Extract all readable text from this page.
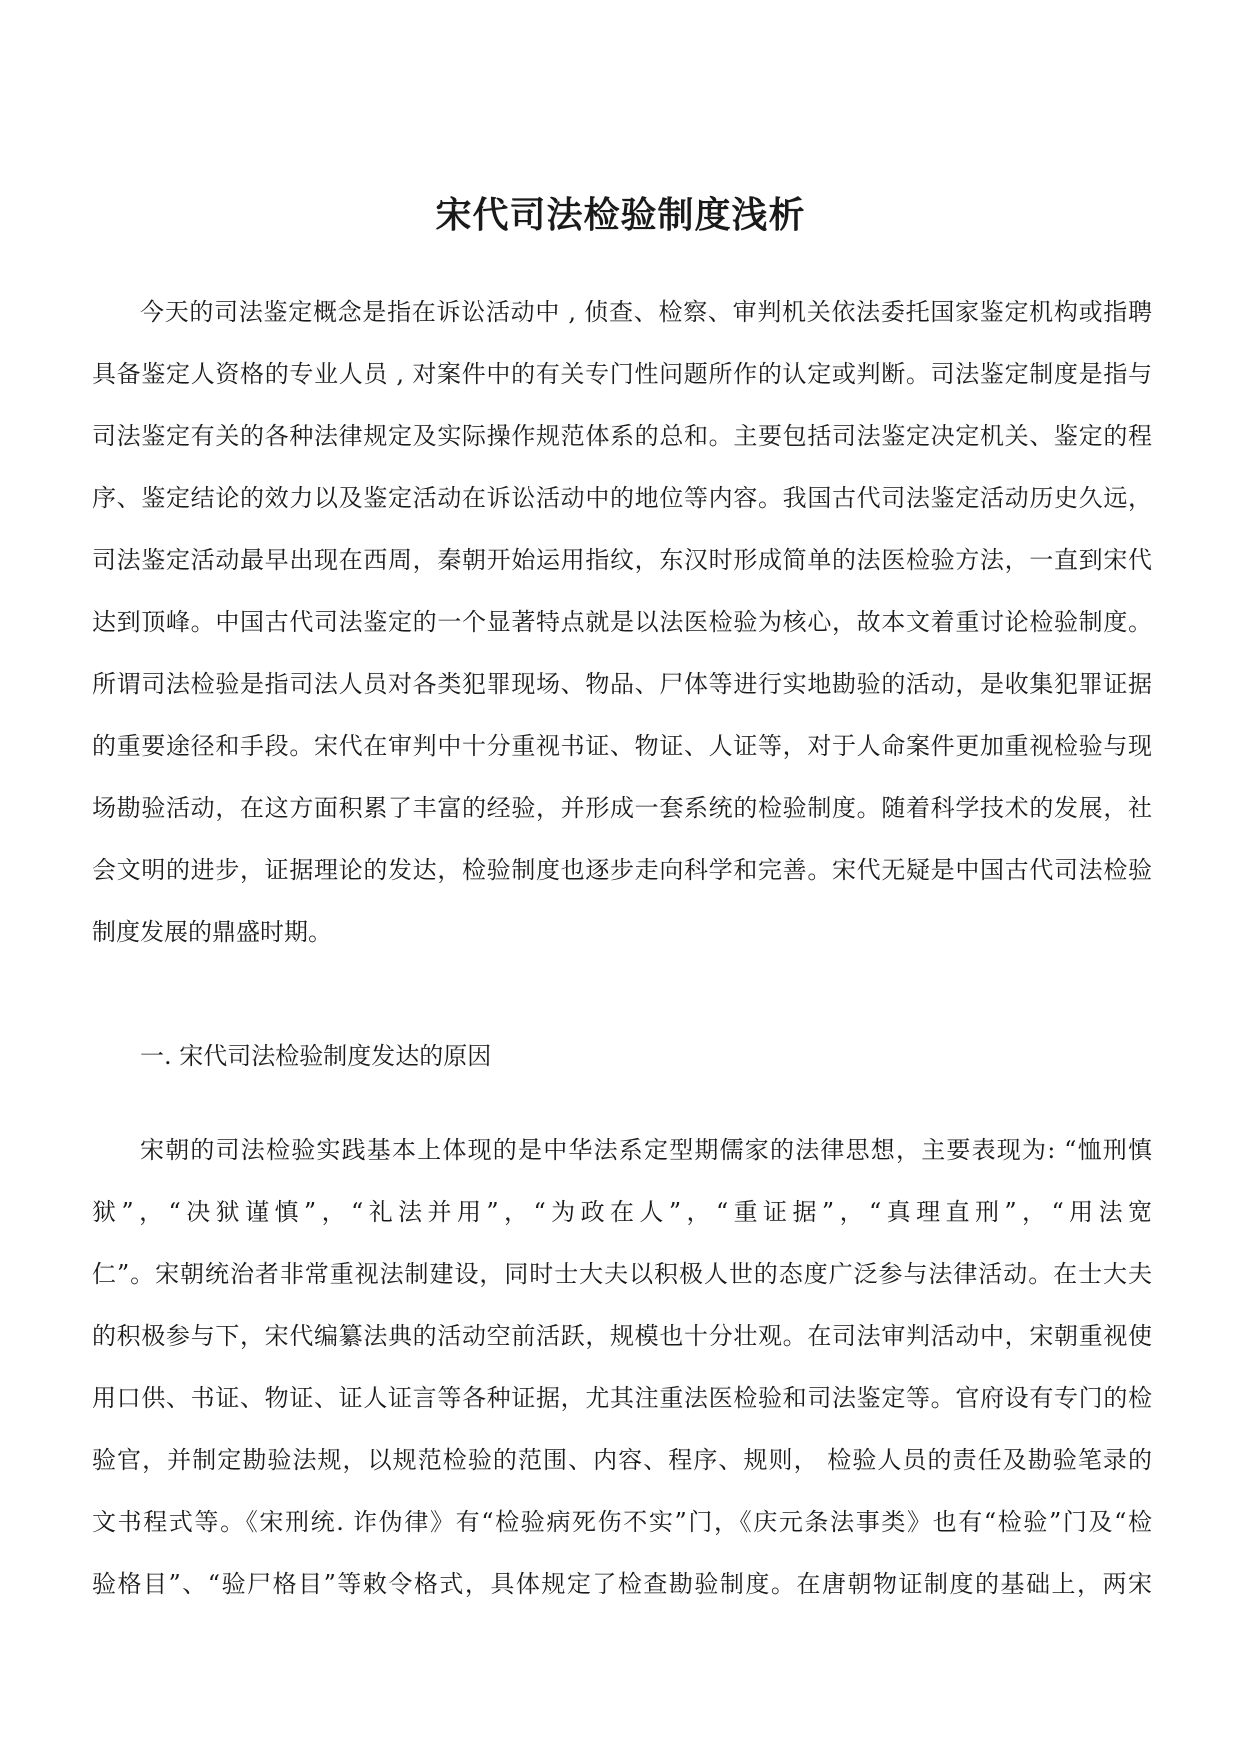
宋代司法检验制度浅析
今天的司法鉴定概念是指在诉讼活动中 , 侦查、检察、审判机关依法委托国家鉴定机构或指聘
具备鉴定人资格的专业人员 , 对案件中的有关专门性问题所作的认定或判断。司法鉴定制度是指与
司法鉴定有关的各种法律规定及实际操作规范体系的总和。主要包括司法鉴定决定机关、鉴定的程
序、鉴定结论的效力以及鉴定活动在诉讼活动中的地位等内容。我国古代司法鉴定活动历史久远，
司法鉴定活动最早出现在西周，秦朝开始运用指纹，东汉时形成简单的法医检验方法，一直到宋代
达到顶峰。中国古代司法鉴定的一个显著特点就是以法医检验为核心，故本文着重讨论检验制度。
所谓司法检验是指司法人员对各类犯罪现场、物品、尸体等进行实地勘验的活动，是收集犯罪证据
的重要途径和手段。宋代在审判中十分重视书证、物证、人证等，对于人命案件更加重视检验与现
场勘验活动，在这方面积累了丰富的经验，并形成一套系统的检验制度。随着科学技术的发展，社
会文明的进步，证据理论的发达，检验制度也逐步走向科学和完善。宋代无疑是中国古代司法检验
制度发展的鼎盛时期。
一. 宋代司法检验制度发达的原因
宋朝的司法检验实践基本上体现的是中华法系定型期儒家的法律思想，主要表现为: “恤刑慎
狱”，“决狱谨慎”，“礼法并用”，“为政在人”，“重证据”，“真理直刑”，“用法宽
仁”。宋朝统治者非常重视法制建设，同时士大夫以积极人世的态度广泛参与法律活动。在士大夫
的积极参与下，宋代编纂法典的活动空前活跃，规模也十分壮观。在司法审判活动中，宋朝重视使
用口供、书证、物证、证人证言等各种证据，尤其注重法医检验和司法鉴定等。官府设有专门的检
验官，并制定勘验法规，以规范检验的范围、内容、程序、规则， 检验人员的责任及勘验笔录的
文书程式等。《宋刑统. 诈伪律》有“检验病死伤不实”门，《庆元条法事类》也有“检验”门及“检
验格目”、“验尸格目”等敕令格式，具体规定了检查勘验制度。在唐朝物证制度的基础上，两宋
